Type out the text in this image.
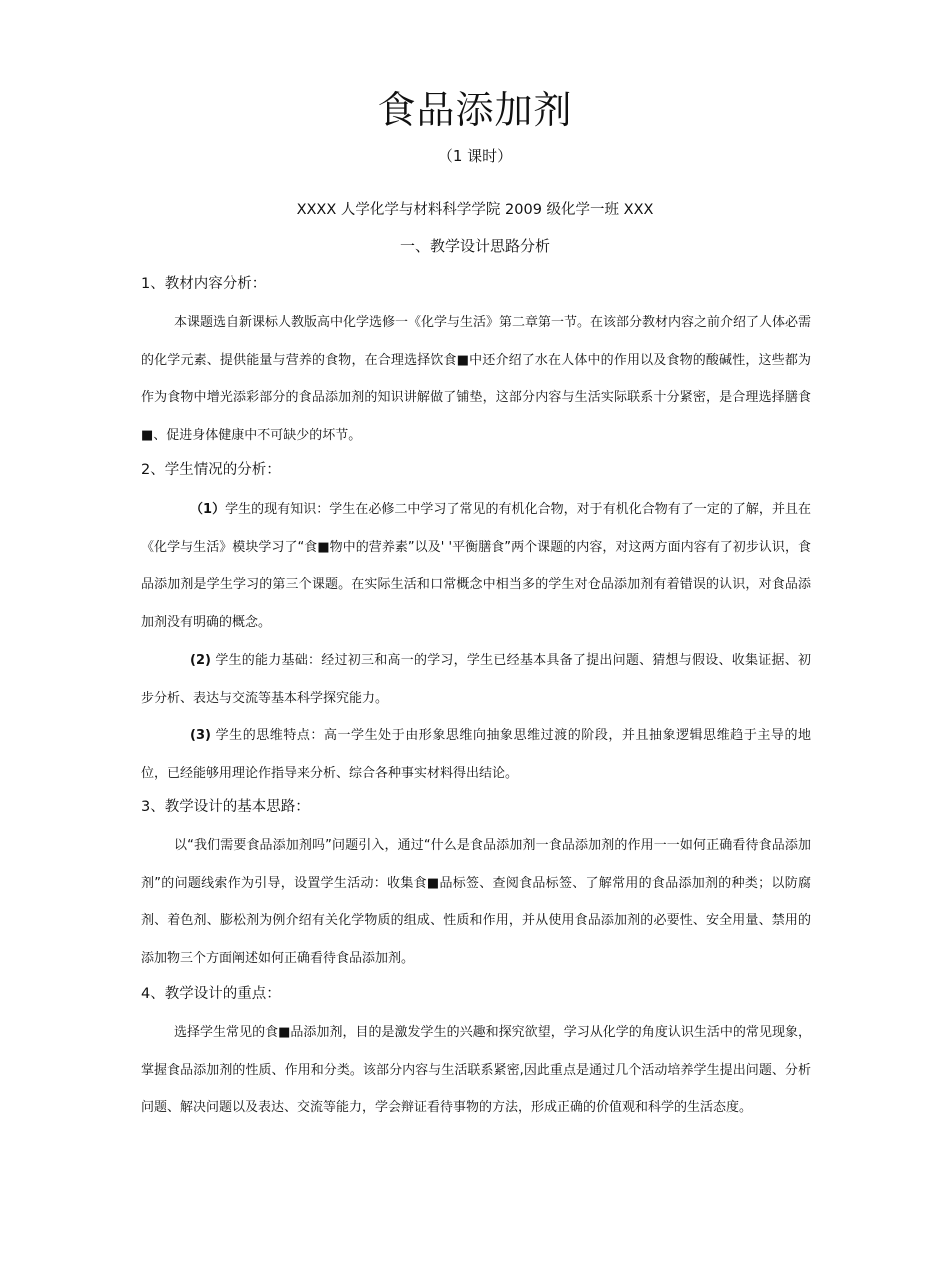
食品添加剂
（1 课时）
XXXX 人学化学与材料科学学院 2009 级化学一班 XXX
一、教学设计思路分析
1、教材内容分析：

本课题选自新课标人教版高中化学选修一《化学与生活》第二章第一节。在该部分教材内容之前介绍了人体必需的化学元素、提供能量与营养的食物，在合理选择饮食■中还介绍了水在人体中的作用以及食物的酸碱性，这些都为作为食物中增光添彩部分的食品添加剂的知识讲解做了铺垫，这部分内容与生活实际联系十分紧密，是合理选择膳食■、促进身体健康中不可缺少的坏节。

2、学生情况的分析：

（1）学生的现有知识：学生在必修二中学习了常见的有机化合物，对于有机化合物有了一定的了解，并且在《化学与生活》模块学习了“食■物中的营养素”以及' '平衡膳食”两个课题的内容，对这两方面内容有了初步认识，食品添加剂是学生学习的第三个课题。在实际生活和口常概念中相当多的学生对仓品添加剂有着错误的认识，对食品添加剂没有明确的概念。

(2) 学生的能力基础：经过初三和高一的学习，学生已经基本具备了提出问题、猜想与假设、收集证据、初步分析、表达与交流等基本科学探究能力。

(3) 学生的思维特点：高一学生处于由形象思维向抽象思维过渡的阶段，并且抽象逻辑思维趋于主导的地位，已经能够用理论作指导来分析、综合各种事实材料得出结论。

3、教学设计的基本思路：

以“我们需要食品添加剂吗”问题引入，通过“什么是食品添加剂一食品添加剂的作用一一如何正确看待食品添加剂”的问题线索作为引导，设置学生活动：收集食■品标签、查阅食品标签、了解常用的食品添加剂的种类；以防腐剂、着色剂、膨松剂为例介绍有关化学物质的组成、性质和作用，并从使用食品添加剂的必要性、安全用量、禁用的添加物三个方面阐述如何正确看待食品添加剂。

4、教学设计的重点：

选择学生常见的食■品添加剂，目的是激发学生的兴趣和探究欲望，学习从化学的角度认识生活中的常见现象，掌握食品添加剂的性质、作用和分类。该部分内容与生活联系紧密,因此重点是通过几个活动培养学生提出问题、分析问题、解决问题以及表达、交流等能力，学会辩证看待事物的方法，形成正确的价值观和科学的生活态度。
